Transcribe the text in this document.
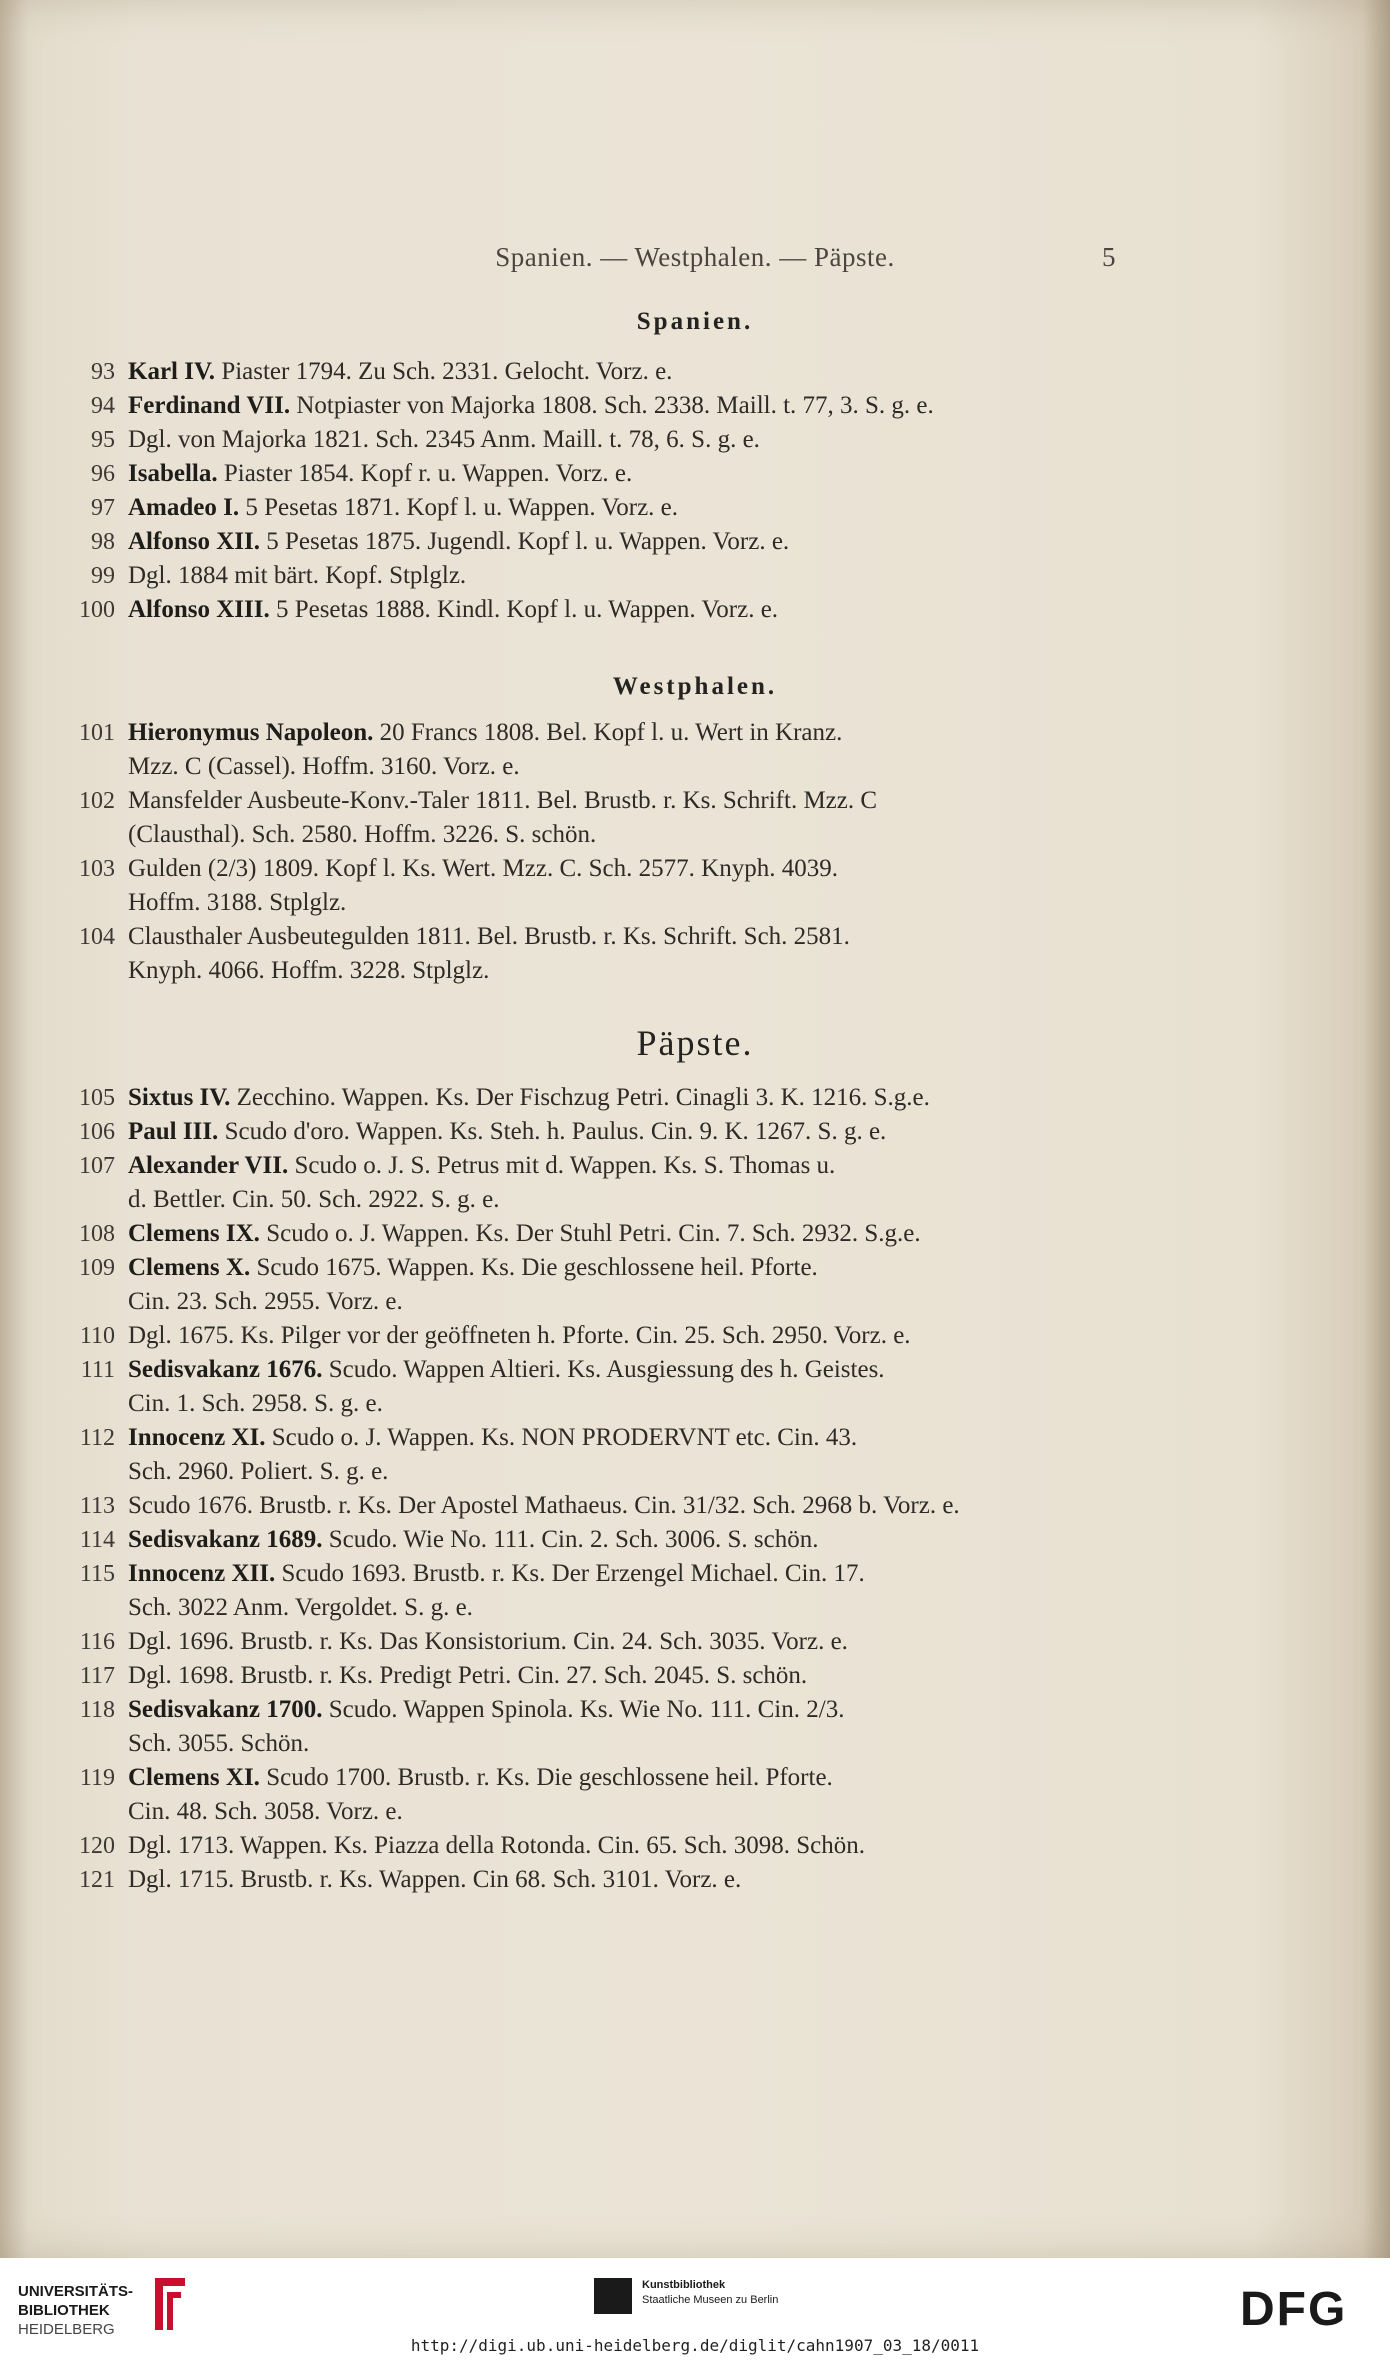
Spanien. — Westphalen. — Päpste.	5
Spanien.
93 Karl IV. Piaster 1794. Zu Sch. 2331. Gelocht. Vorz. e.
94 Ferdinand VII. Notpiaster von Majorka 1808. Sch. 2338. Maill. t. 77, 3. S. g. e.
95 Dgl. von Majorka 1821. Sch. 2345 Anm. Maill. t. 78, 6. S. g. e.
96 Isabella. Piaster 1854. Kopf r. u. Wappen. Vorz. e.
97 Amadeo I. 5 Pesetas 1871. Kopf l. u. Wappen. Vorz. e.
98 Alfonso XII. 5 Pesetas 1875. Jugendl. Kopf l. u. Wappen. Vorz. e.
99 Dgl. 1884 mit bärt. Kopf. Stplglz.
100 Alfonso XIII. 5 Pesetas 1888. Kindl. Kopf l. u. Wappen. Vorz. e.
Westphalen.
101 Hieronymus Napoleon. 20 Francs 1808. Bel. Kopf l. u. Wert in Kranz.
Mzz. C (Cassel). Hoffm. 3160. Vorz. e.
102 Mansfelder Ausbeute-Konv.-Taler 1811. Bel. Brustb. r. Ks. Schrift. Mzz. C
(Clausthal). Sch. 2580. Hoffm. 3226. S. schön.
103 Gulden (2/3) 1809. Kopf l. Ks. Wert. Mzz. C. Sch. 2577. Knyph. 4039.
Hoffm. 3188. Stplglz.
104 Clausthaler Ausbeutegulden 1811. Bel. Brustb. r. Ks. Schrift. Sch. 2581.
Knyph. 4066. Hoffm. 3228. Stplglz.
Päpste.
105 Sixtus IV. Zecchino. Wappen. Ks. Der Fischzug Petri. Cinagli 3. K. 1216. S.g.e.
106 Paul III. Scudo d'oro. Wappen. Ks. Steh. h. Paulus. Cin. 9. K. 1267. S. g. e.
107 Alexander VII. Scudo o. J. S. Petrus mit d. Wappen. Ks. S. Thomas u.
d. Bettler. Cin. 50. Sch. 2922. S. g. e.
108 Clemens IX. Scudo o. J. Wappen. Ks. Der Stuhl Petri. Cin. 7. Sch. 2932. S.g.e.
109 Clemens X. Scudo 1675. Wappen. Ks. Die geschlossene heil. Pforte.
Cin. 23. Sch. 2955. Vorz. e.
110 Dgl. 1675. Ks. Pilger vor der geöffneten h. Pforte. Cin. 25. Sch. 2950. Vorz. e.
111 Sedisvakanz 1676. Scudo. Wappen Altieri. Ks. Ausgiessung des h. Geistes.
Cin. 1. Sch. 2958. S. g. e.
112 Innocenz XI. Scudo o. J. Wappen. Ks. NON PRODERVNT etc. Cin. 43.
Sch. 2960. Poliert. S. g. e.
113 Scudo 1676. Brustb. r. Ks. Der Apostel Mathaeus. Cin. 31/32. Sch. 2968 b. Vorz. e.
114 Sedisvakanz 1689. Scudo. Wie No. 111. Cin. 2. Sch. 3006. S. schön.
115 Innocenz XII. Scudo 1693. Brustb. r. Ks. Der Erzengel Michael. Cin. 17.
Sch. 3022 Anm. Vergoldet. S. g. e.
116 Dgl. 1696. Brustb. r. Ks. Das Konsistorium. Cin. 24. Sch. 3035. Vorz. e.
117 Dgl. 1698. Brustb. r. Ks. Predigt Petri. Cin. 27. Sch. 2045. S. schön.
118 Sedisvakanz 1700. Scudo. Wappen Spinola. Ks. Wie No. 111. Cin. 2/3.
Sch. 3055. Schön.
119 Clemens XI. Scudo 1700. Brustb. r. Ks. Die geschlossene heil. Pforte.
Cin. 48. Sch. 3058. Vorz. e.
120 Dgl. 1713. Wappen. Ks. Piazza della Rotonda. Cin. 65. Sch. 3098. Schön.
121 Dgl. 1715. Brustb. r. Ks. Wappen. Cin 68. Sch. 3101. Vorz. e.
UNIVERSITÄTS-
BIBLIOTHEK
HEIDELBERG
Kunstbibliothek
Staatliche Museen zu Berlin	DFG
http://digi.ub.uni-heidelberg.de/diglit/cahn1907_03_18/0011
